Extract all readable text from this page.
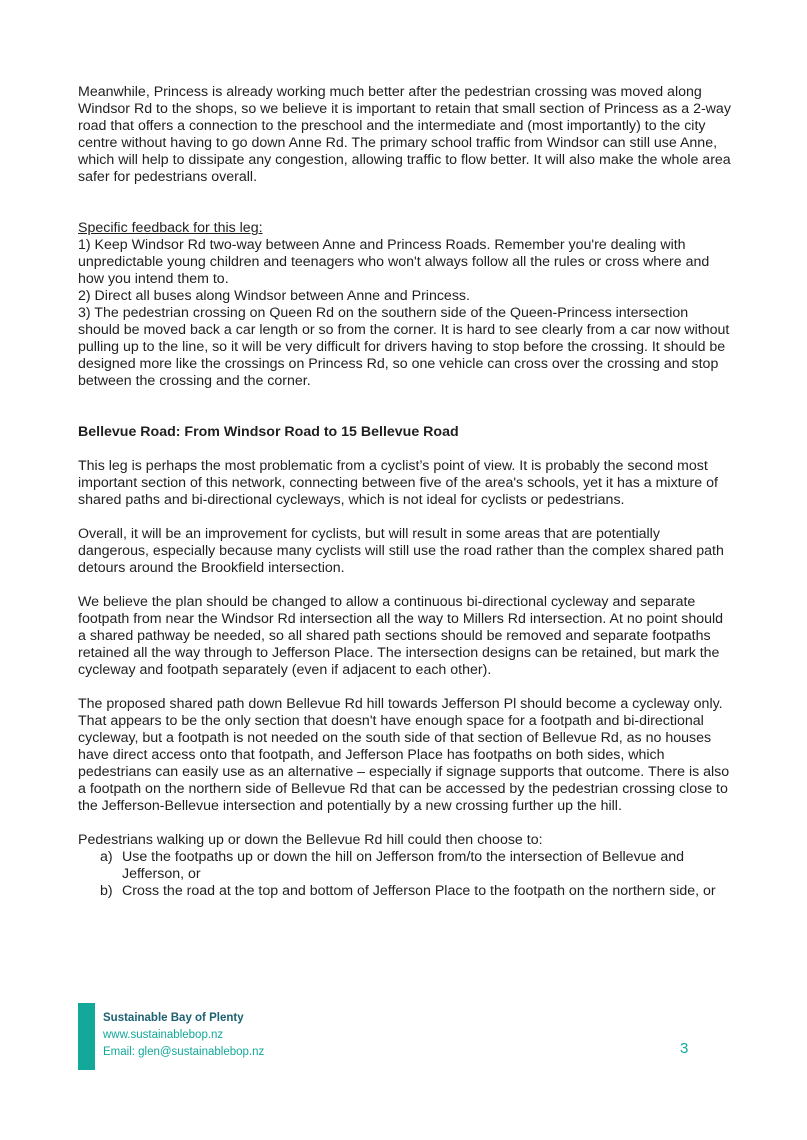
Meanwhile, Princess is already working much better after the pedestrian crossing was moved along Windsor Rd to the shops, so we believe it is important to retain that small section of Princess as a 2-way road that offers a connection to the preschool and the intermediate and (most importantly) to the city centre without having to go down Anne Rd. The primary school traffic from Windsor can still use Anne, which will help to dissipate any congestion, allowing traffic to flow better. It will also make the whole area safer for pedestrians overall.

Specific feedback for this leg:

1) Keep Windsor Rd two-way between Anne and Princess Roads. Remember you're dealing with unpredictable young children and teenagers who won't always follow all the rules or cross where and how you intend them to.

2) Direct all buses along Windsor between Anne and Princess.

3) The pedestrian crossing on Queen Rd on the southern side of the Queen-Princess intersection should be moved back a car length or so from the corner. It is hard to see clearly from a car now without pulling up to the line, so it will be very difficult for drivers having to stop before the crossing. It should be designed more like the crossings on Princess Rd, so one vehicle can cross over the crossing and stop between the crossing and the corner.

Bellevue Road: From Windsor Road to 15 Bellevue Road

This leg is perhaps the most problematic from a cyclist’s point of view. It is probably the second most important section of this network, connecting between five of the area's schools, yet it has a mixture of shared paths and bi-directional cycleways, which is not ideal for cyclists or pedestrians.

Overall, it will be an improvement for cyclists, but will result in some areas that are potentially dangerous, especially because many cyclists will still use the road rather than the complex shared path detours around the Brookfield intersection.

We believe the plan should be changed to allow a continuous bi-directional cycleway and separate footpath from near the Windsor Rd intersection all the way to Millers Rd intersection. At no point should a shared pathway be needed, so all shared path sections should be removed and separate footpaths retained all the way through to Jefferson Place. The intersection designs can be retained, but mark the cycleway and footpath separately (even if adjacent to each other).

The proposed shared path down Bellevue Rd hill towards Jefferson Pl should become a cycleway only. That appears to be the only section that doesn't have enough space for a footpath and bi-directional cycleway, but a footpath is not needed on the south side of that section of Bellevue Rd, as no houses have direct access onto that footpath, and Jefferson Place has footpaths on both sides, which pedestrians can easily use as an alternative – especially if signage supports that outcome. There is also a footpath on the northern side of Bellevue Rd that can be accessed by the pedestrian crossing close to the Jefferson-Bellevue intersection and potentially by a new crossing further up the hill.

Pedestrians walking up or down the Bellevue Rd hill could then choose to:

a) Use the footpaths up or down the hill on Jefferson from/to the intersection of Bellevue and Jefferson, or
b) Cross the road at the top and bottom of Jefferson Place to the footpath on the northern side, or
Sustainable Bay of Plenty
www.sustainablebop.nz
Email: glen@sustainablebop.nz	3
